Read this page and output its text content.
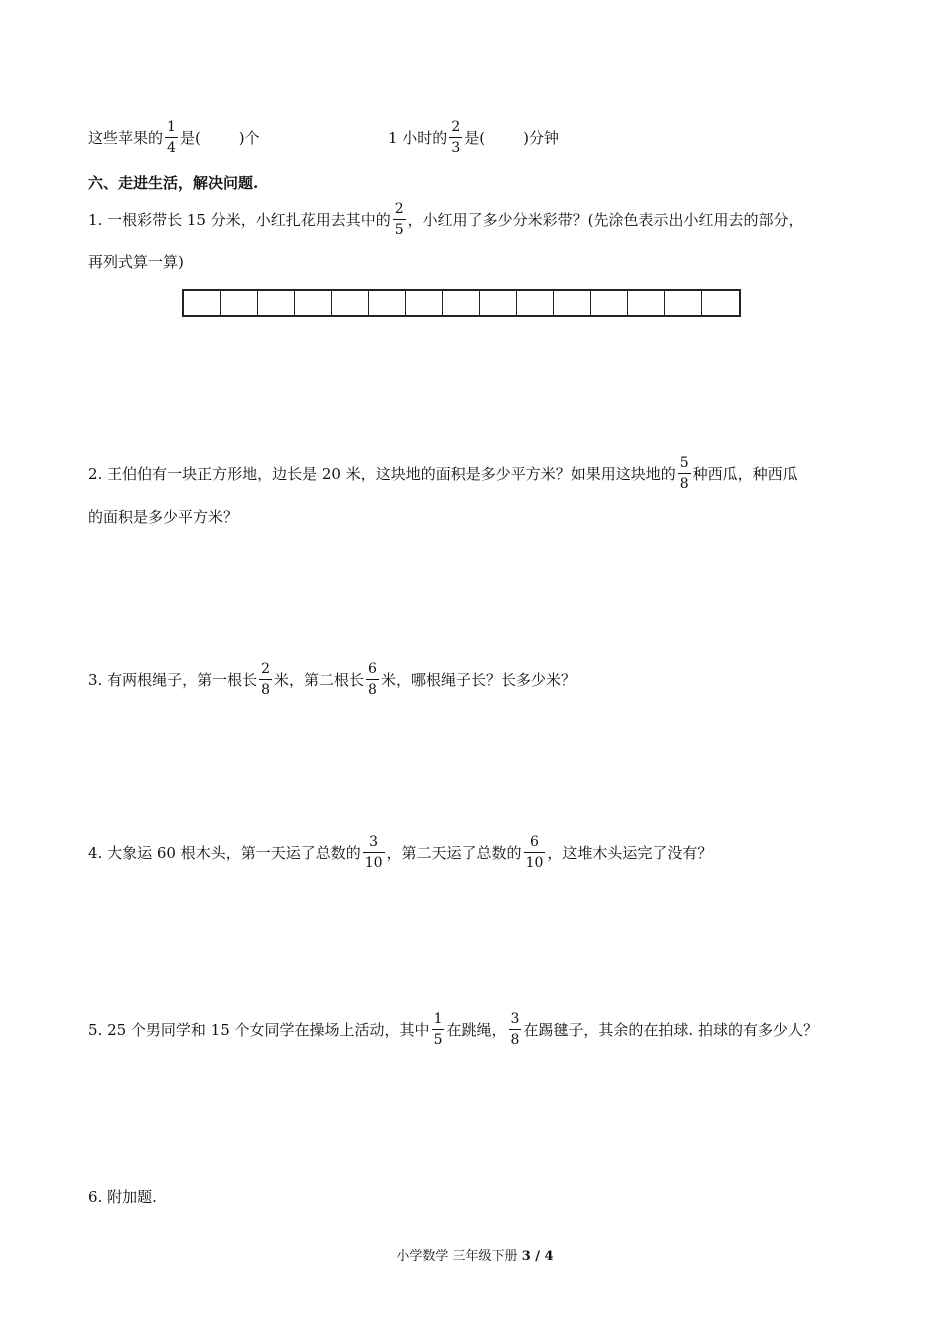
这些苹果的 $\frac{1}{4}$ 是(	)个	1 小时的 $\frac{2}{3}$ 是(	)分钟
六、走进生活，解决问题.
1. 一根彩带长 15 分米，小红扎花用去其中的 $\frac{2}{5}$ ，小红用了多少分米彩带？(先涂色表示出小红用去的部分，
再列式算一算)
2. 王伯伯有一块正方形地，边长是 20 米，这块地的面积是多少平方米？如果用这块地的 $\frac{5}{8}$ 种西瓜，种西瓜
的面积是多少平方米？
3. 有两根绳子，第一根长 $\frac{2}{8}$ 米，第二根长 $\frac{6}{8}$ 米，哪根绳子长？长多少米？
4. 大象运 60 根木头，第一天运了总数的 $\frac{3}{10}$ ，第二天运了总数的 $\frac{6}{10}$ ，这堆木头运完了没有？
5. 25 个男同学和 15 个女同学在操场上活动，其中 $\frac{1}{5}$ 在跳绳， $\frac{3}{8}$ 在踢毽子，其余的在拍球. 拍球的有多少人？
6. 附加题.
小学数学 三年级下册 3 / 4
